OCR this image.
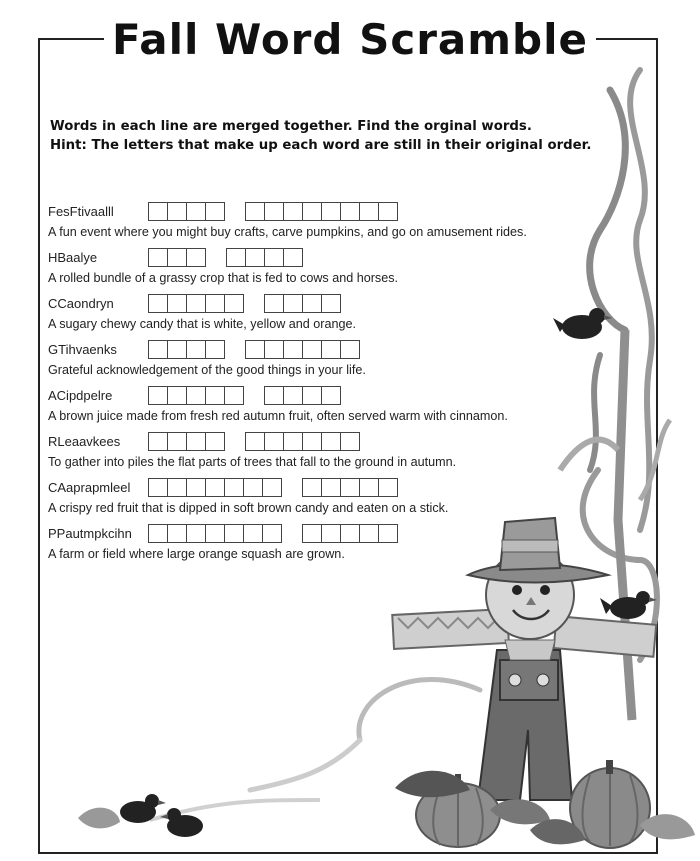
Fall Word Scramble
Words in each line are merged together. Find the orginal words.
Hint: The letters that make up each word are still in their original order.
FesFtivaalll
A fun event where you might buy crafts, carve pumpkins, and go on amusement rides.
HBaalye
A rolled bundle of a grassy crop that is fed to cows and horses.
CCaondryn
A sugary chewy candy that is white, yellow and orange.
GTihvaenks
Grateful acknowledgement of the good things in your life.
ACipdpelre
A brown juice made from fresh red autumn fruit, often served warm with cinnamon.
RLeaavkees
To gather into piles the flat parts of trees that fall to the ground in autumn.
CAaprapmleel
A crispy red fruit that is dipped in soft brown candy and eaten on a stick.
PPautmpkcihn
A farm or field where large orange squash are grown.
